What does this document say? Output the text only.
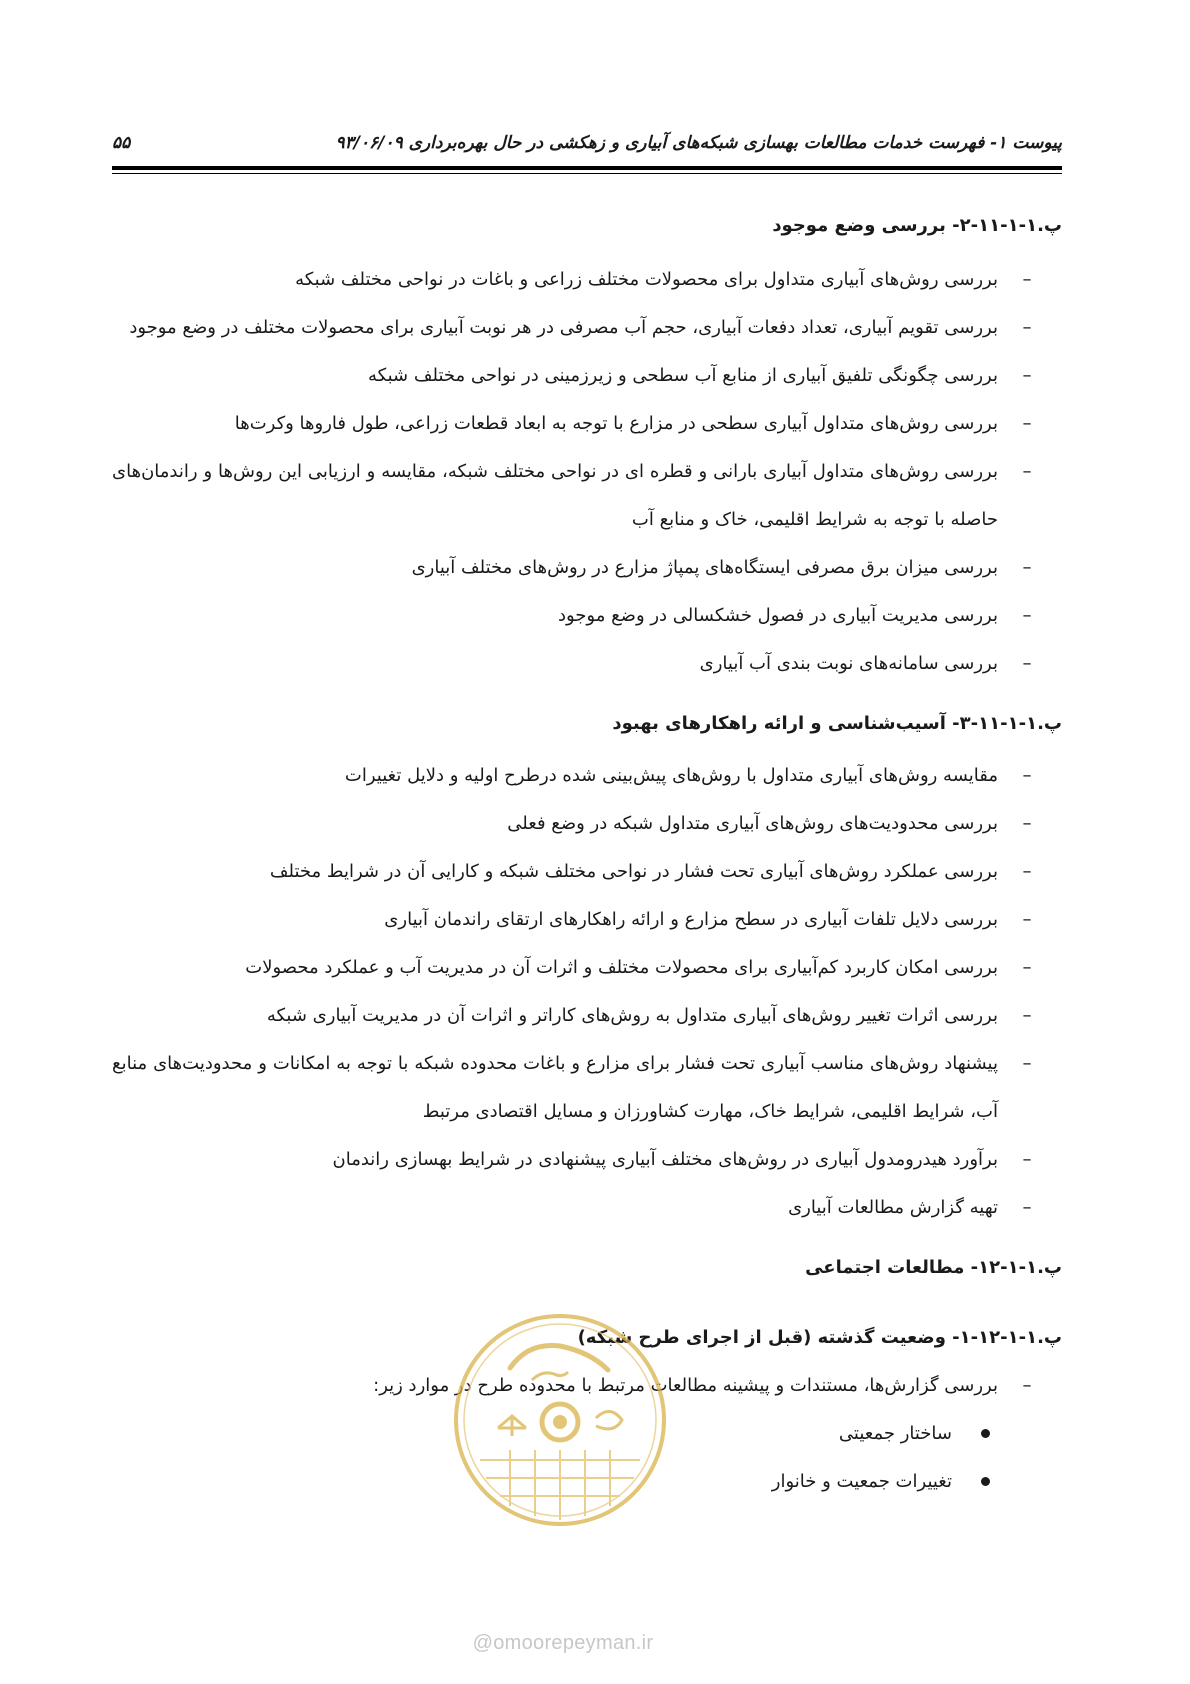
پیوست ۱- فهرست خدمات مطالعات بهسازی شبکه‌های آبیاری و زهکشی در حال بهره‌برداری ۹۳/۰۶/۰۹
۵۵
پ.۱-۱-۱۱-۲- بررسی وضع موجود
–
بررسی روش‌های آبیاری متداول برای محصولات مختلف زراعی و باغات در نواحی مختلف شبکه
–
بررسی تقویم آبیاری، تعداد دفعات آبیاری، حجم آب مصرفی در هر نوبت آبیاری برای محصولات مختلف در وضع موجود
–
بررسی چگونگی تلفیق آبیاری از منابع آب سطحی و زیرزمینی در نواحی مختلف شبکه
–
بررسی روش‌های متداول آبیاری سطحی در مزارع با توجه به ابعاد قطعات زراعی، طول فاروها وکرت‌ها
–
بررسی روش‌های متداول آبیاری بارانی و قطره ای در نواحی مختلف شبکه، مقایسه و ارزیابی این روش‌ها و راندمان‌های حاصله با توجه به شرایط اقلیمی، خاک و منابع آب
–
بررسی میزان برق مصرفی ایستگاه‌های پمپاژ مزارع در روش‌های مختلف آبیاری
–
بررسی مدیریت آبیاری در فصول خشکسالی در وضع موجود
–
بررسی سامانه‌های نوبت بندی آب آبیاری
پ.۱-۱-۱۱-۳- آسیب‌شناسی و ارائه راهکارهای بهبود
–
مقایسه روش‌های آبیاری متداول با روش‌های پیش‌بینی شده درطرح اولیه و دلایل تغییرات
–
بررسی محدودیت‌های روش‌های آبیاری متداول شبکه در وضع فعلی
–
بررسی عملکرد روش‌های آبیاری تحت فشار در نواحی مختلف شبکه و کارایی آن در شرایط مختلف
–
بررسی دلایل تلفات آبیاری در سطح مزارع و ارائه راهکارهای ارتقای راندمان آبیاری
–
بررسی امکان کاربرد کم‌آبیاری برای محصولات مختلف و اثرات آن در مدیریت آب و عملکرد محصولات
–
بررسی اثرات تغییر روش‌های آبیاری متداول به روش‌های کاراتر و اثرات آن در مدیریت آبیاری شبکه
–
پیشنهاد روش‌های مناسب آبیاری تحت فشار برای مزارع و باغات محدوده شبکه با توجه به امکانات و محدودیت‌های منابع آب، شرایط اقلیمی، شرایط خاک، مهارت کشاورزان و مسایل اقتصادی مرتبط
–
برآورد هیدرومدول آبیاری در روش‌های مختلف آبیاری پیشنهادی در شرایط بهسازی راندمان
–
تهیه گزارش مطالعات آبیاری
پ.۱-۱-۱۲- مطالعات اجتماعی
پ.۱-۱-۱۲-۱- وضعیت گذشته (قبل از اجرای طرح شبکه)
–
بررسی گزارش‌ها، مستندات و پیشینه مطالعات مرتبط با محدوده طرح در موارد زیر:
ساختار جمعیتی
تغییرات جمعیت و خانوار
@omoorepeyman.ir
